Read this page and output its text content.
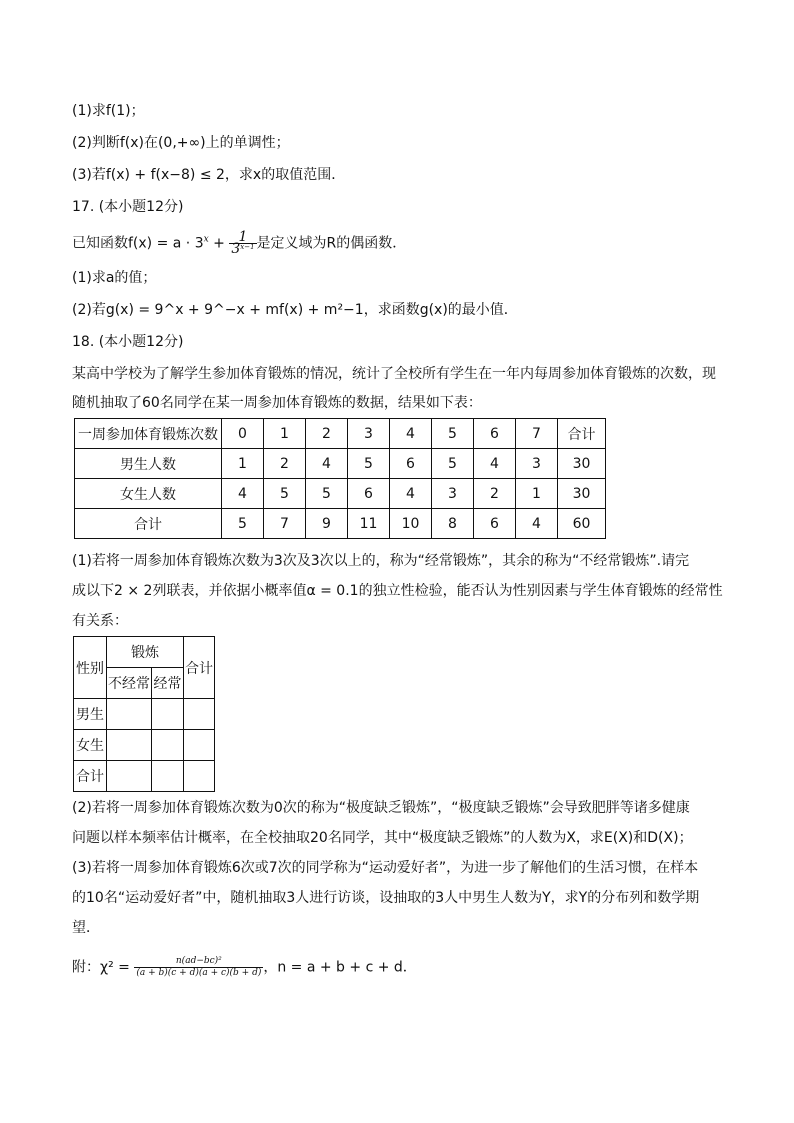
(1)求f(1)；
(2)判断f(x)在(0,+∞)上的单调性；
(3)若f(x) + f(x−8) ≤ 2，求x的取值范围．
17. (本小题12分)
已知函数$f(x) = a \cdot 3^x + \frac{1}{3^{x-1}}$ 是定义域为R的偶函数．
(1)求a的值；
(2)若g(x) = 9^x + 9^−x + mf(x) + m²−1，求函数g(x)的最小值．
18. (本小题12分)
某高中学校为了解学生参加体育锻炼的情况，统计了全校所有学生在一年内每周参加体育锻炼的次数，现
随机抽取了60名同学在某一周参加体育锻炼的数据，结果如下表：
一周参加体育锻炼次数	0	1	2	3	4	5	6	7	合计
男生人数	1	2	4	5	6	5	4	3	30
女生人数	4	5	5	6	4	3	2	1	30
合计	5	7	9	11	10	8	6	4	60
(1)若将一周参加体育锻炼次数为3次及3次以上的，称为“经常锻炼”，其余的称为“不经常锻炼”.请完
成以下2 × 2列联表，并依据小概率值α = 0.1的独立性检验，能否认为性别因素与学生体育锻炼的经常性
有关系：
性别	锻炼		合计
	不经常	经常	
男生			
女生			
合计			
(2)若将一周参加体育锻炼次数为0次的称为“极度缺乏锻炼”，“极度缺乏锻炼”会导致肥胖等诸多健康
问题以样本频率估计概率，在全校抽取20名同学，其中“极度缺乏锻炼”的人数为X，求E(X)和D(X)；
(3)若将一周参加体育锻炼6次或7次的同学称为“运动爱好者”，为进一步了解他们的生活习惯，在样本
的10名“运动爱好者”中，随机抽取3人进行访谈，设抽取的3人中男生人数为Y，求Y的分布列和数学期
望．
附：$\chi^2 = \frac{\text{n(ad−bc)²}}{(a + b)(c + d)(a + c)(b + d)}$ ，n = a + b + c + d．
